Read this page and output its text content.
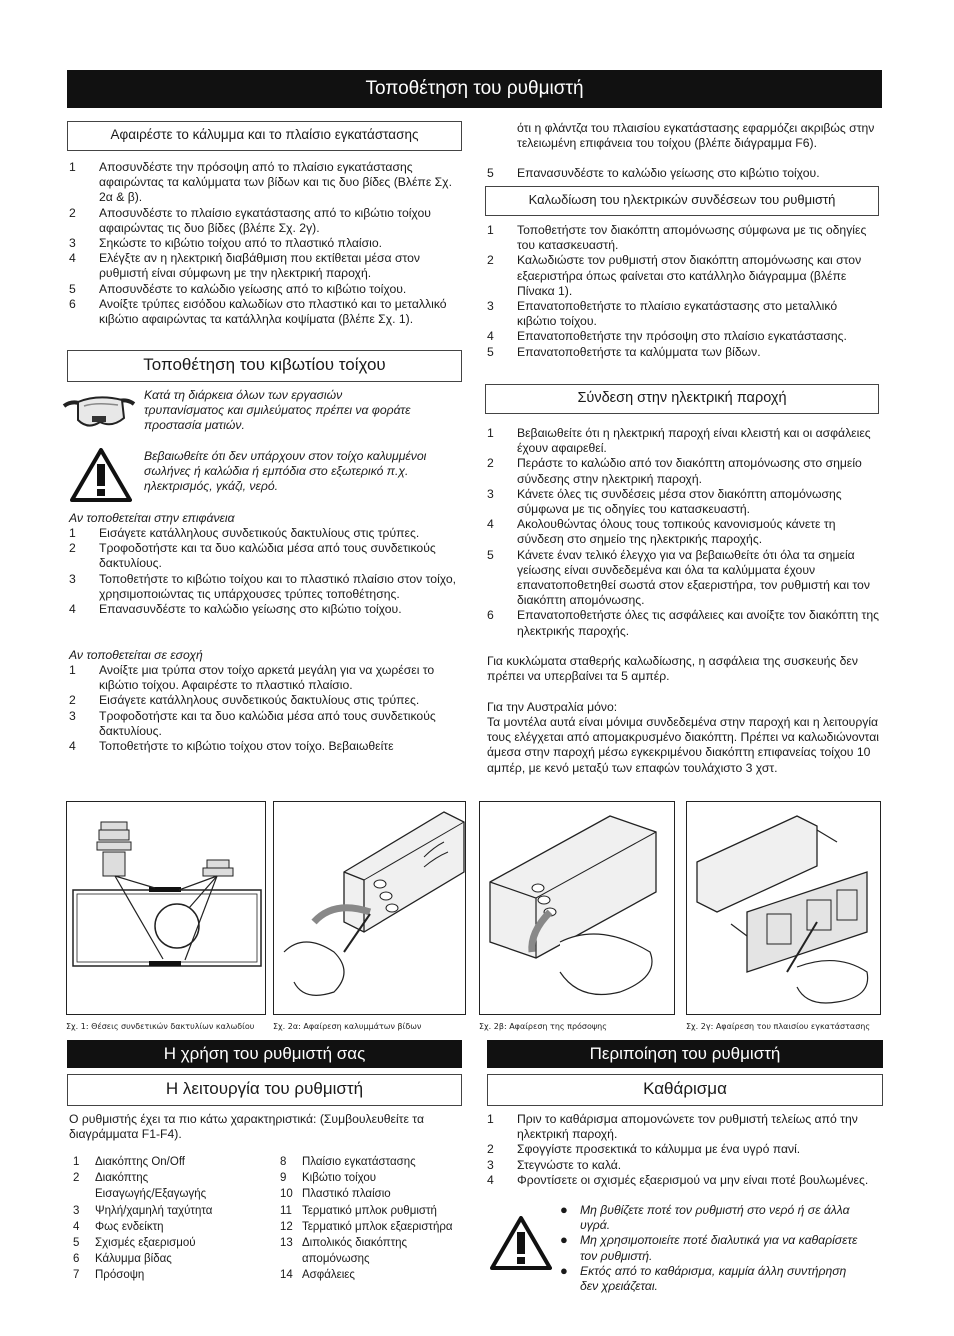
Τοποθέτηση του ρυθμιστή
Αφαιρέστε το κάλυμμα και το πλαίσιο εγκατάστασης
1 Αποσυνδέστε την πρόσοψη από το πλαίσιο εγκατάστασης αφαιρώντας τα καλύμματα των βίδων και τις δυο βίδες (Βλέπε Σχ. 2α & β).
2 Αποσυνδέστε το πλαίσιο εγκατάστασης από το κιβώτιο τοίχου αφαιρώντας τις δυο βίδες (βλέπε Σχ. 2γ).
3 Σηκώστε το κιβώτιο τοίχου από το πλαστικό πλαίσιο.
4 Ελέγξτε αν η ηλεκτρική διαβάθμιση που εκτίθεται μέσα στον ρυθμιστή είναι σύμφωνη με την ηλεκτρική παροχή.
5 Αποσυνδέστε το καλώδιο γείωσης από το κιβώτιο τοίχου.
6 Ανοίξτε τρύπες εισόδου καλωδίων στο πλαστικό και το μεταλλικό κιβώτιο αφαιρώντας τα κατάλληλα κοψίματα (βλέπε Σχ. 1).
Τοποθέτηση του κιβωτίου τοίχου
Κατά τη διάρκεια όλων των εργασιών τρυπανίσματος και σμιλεύματος πρέπει να φοράτε προστασία ματιών.
Βεβαιωθείτε ότι δεν υπάρχουν στον τοίχο καλυμμένοι σωλήνες ή καλώδια ή εμπόδια στο εξωτερικό π.χ. ηλεκτρισμός, γκάζι, νερό.
Αν τοποθετείται στην επιφάνεια
1 Εισάγετε κατάλληλους συνδετικούς δακτυλίους στις τρύπες.
2 Τροφοδοτήστε και τα δυο καλώδια μέσα από τους συνδετικούς δακτυλίους.
3 Τοποθετήστε το κιβώτιο τοίχου και το πλαστικό πλαίσιο στον τοίχο, χρησιμοποιώντας τις υπάρχουσες τρύπες τοποθέτησης.
4 Επανασυνδέστε το καλώδιο γείωσης στο κιβώτιο τοίχου.
Αν τοποθετείται σε εσοχή
1 Ανοίξτε μια τρύπα στον τοίχο αρκετά μεγάλη για να χωρέσει το κιβώτιο τοίχου. Αφαιρέστε το πλαστικό πλαίσιο.
2 Εισάγετε κατάλληλους συνδετικούς δακτυλίους στις τρύπες.
3 Τροφοδοτήστε και τα δυο καλώδια μέσα από τους συνδετικούς δακτυλίους.
4 Τοποθετήστε το κιβώτιο τοίχου στον τοίχο. Βεβαιωθείτε
ότι η φλάντζα του πλαισίου εγκατάστασης εφαρμόζει ακριβώς στην τελειωμένη επιφάνεια του τοίχου (βλέπε διάγραμμα F6).
5 Επανασυνδέστε το καλώδιο γείωσης στο κιβώτιο τοίχου.
Καλωδίωση του ηλεκτρικών συνδέσεων του ρυθμιστή
1 Τοποθετήστε τον διακόπτη απομόνωσης σύμφωνα με τις οδηγίες του κατασκευαστή.
2 Καλωδιώστε τον ρυθμιστή στον διακόπτη απομόνωσης και στον εξαεριστήρα όπως φαίνεται στο κατάλληλο διάγραμμα (βλέπε Πίνακα 1).
3 Επανατοποθετήστε το πλαίσιο εγκατάστασης στο μεταλλικό κιβώτιο τοίχου.
4 Επανατοποθετήστε την πρόσοψη στο πλαίσιο εγκατάστασης.
5 Επανατοποθετήστε τα καλύμματα των βίδων.
Σύνδεση στην ηλεκτρική παροχή
1 Βεβαιωθείτε ότι η ηλεκτρική παροχή είναι κλειστή και οι ασφάλειες έχουν αφαιρεθεί.
2 Περάστε το καλώδιο από τον διακόπτη απομόνωσης στο σημείο σύνδεσης στην ηλεκτρική παροχή.
3 Κάνετε όλες τις συνδέσεις μέσα στον διακόπτη απομόνωσης σύμφωνα με τις οδηγίες του κατασκευαστή.
4 Ακολουθώντας όλους τους τοπικούς κανονισμούς κάνετε τη σύνδεση στο σημείο της ηλεκτρικής παροχής.
5 Κάνετε έναν τελικό έλεγχο για να βεβαιωθείτε ότι όλα τα σημεία γείωσης είναι συνδεδεμένα και όλα τα καλύμματα έχουν επανατοποθετηθεί σωστά στον εξαεριστήρα, τον ρυθμιστή και τον διακόπτη απομόνωσης.
6 Επανατοποθετήστε όλες τις ασφάλειες και ανοίξτε τον διακόπτη της ηλεκτρικής παροχής.
Για κυκλώματα σταθερής καλωδίωσης, η ασφάλεια της συσκευής δεν πρέπει να υπερβαίνει τα 5 αμπέρ.
Για την Αυστραλία μόνο:
Τα μοντέλα αυτά είναι μόνιμα συνδεδεμένα στην παροχή και η λειτουργία τους ελέγχεται από απομακρυσμένο διακόπτη. Πρέπει να καλωδιώνονται άμεσα στην παροχή μέσω εγκεκριμένου διακόπτη επιφανείας τοίχου 10 αμπέρ, με κενό μεταξύ των επαφών τουλάχιστο 3 χστ.
Σχ. 1: Θέσεις συνδετικών δακτυλίων καλωδίου Σχ. 2α: Αφαίρεση καλυμμάτων βίδων	Σχ. 2β: Αφαίρεση της πρόσοψης	Σχ. 2γ: Αφαίρεση του πλαισίου εγκατάστασης
Η χρήση του ρυθμιστή σας
Η λειτουργία του ρυθμιστή
Ο ρυθμιστής έχει τα πιο κάτω χαρακτηριστικά: (Συμβουλευθείτε τα διαγράμματα F1-F4).
1	Διακόπτης On/Off
2	Διακόπτης
Εισαγωγής/Εξαγωγής
3	Ψηλή/χαμηλή ταχύτητα
4	Φως ενδείκτη
5	Σχισμές εξαερισμού
6	Κάλυμμα βίδας
7	Πρόσοψη
8	Πλαίσιο εγκατάστασης
9	Κιβώτιο τοίχου
10 Πλαστικό πλαίσιο
11 Τερματικό μπλοκ ρυθμιστή
12 Τερματικό μπλοκ εξαεριστήρα
13 Διπολικός διακόπτης
απομόνωσης
14 Ασφάλειες
Περιποίηση του ρυθμιστή
Καθάρισμα
1 Πριν το καθάρισμα απομονώνετε τον ρυθμιστή τελείως από την ηλεκτρική παροχή.
2 Σφογγίστε προσεκτικά το κάλυμμα με ένα υγρό πανί.
3 Στεγνώστε το καλά.
4 Φροντίσετε οι σχισμές εξαερισμού να μην είναι ποτέ βουλωμένες.
● Μη βυθίζετε ποτέ τον ρυθμιστή στο νερό ή σε άλλα υγρά.
● Μη χρησιμοποιείτε ποτέ διαλυτικά για να καθαρίσετε τον ρυθμιστή.
● Εκτός από το καθάρισμα, καμμία άλλη συντήρηση δεν χρειάζεται.
